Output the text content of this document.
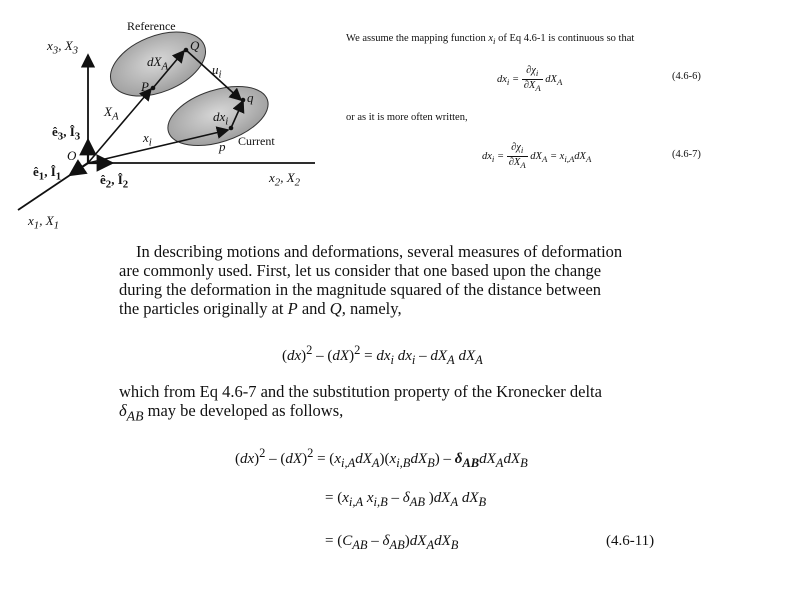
Reference
Current
$x_3$, $X_3$
$x_2$, $X_2$
$x_1$, $X_1$
$ê_3$, $Î_3$
$ê_2$, $Î_2$
$ê_1$, $Î_1$
O
P
Q
p
q
$dX_A$
$X_A$
$x_i$
$dx_i$
$u_i$
We assume the mapping function $x_i$ of Eq 4.6-1 is continuous so that
$dx_i = \frac{\partial\chi_i}{\partial X_A} dX_A$
(4.6-6)
or as it is more often written,
$dx_i = \frac{\partial\chi_i}{\partial X_A} dX_A = x_{i,A}dX_A$	(4.6-7)
In describing motions and deformations, several measures of deformation
are commonly used. First, let us consider that one based upon the change
during the deformation in the magnitude squared of the distance between
the particles originally at P and Q, namely,
$(dx)^2 - (dX)^2 = dx_i$ $dx_i - dX_A$ $dX_A$
which from Eq 4.6-7 and the substitution property of the Kronecker delta
$\delta_{AB}$ may be developed as follows,
$(dx)^2 - (dX)^2 = (x_{i,A}dX_A)(x_{i,B}dX_B) - \delta_{AB}dX_AdX_B$
= ($x_{i,A}$ $x_{i,B} - \delta_{AB}$ )$dX_A$ $dX_B$
= $(C_{AB} - \delta_{AB})dX_AdX_B$	(4.6-11)
